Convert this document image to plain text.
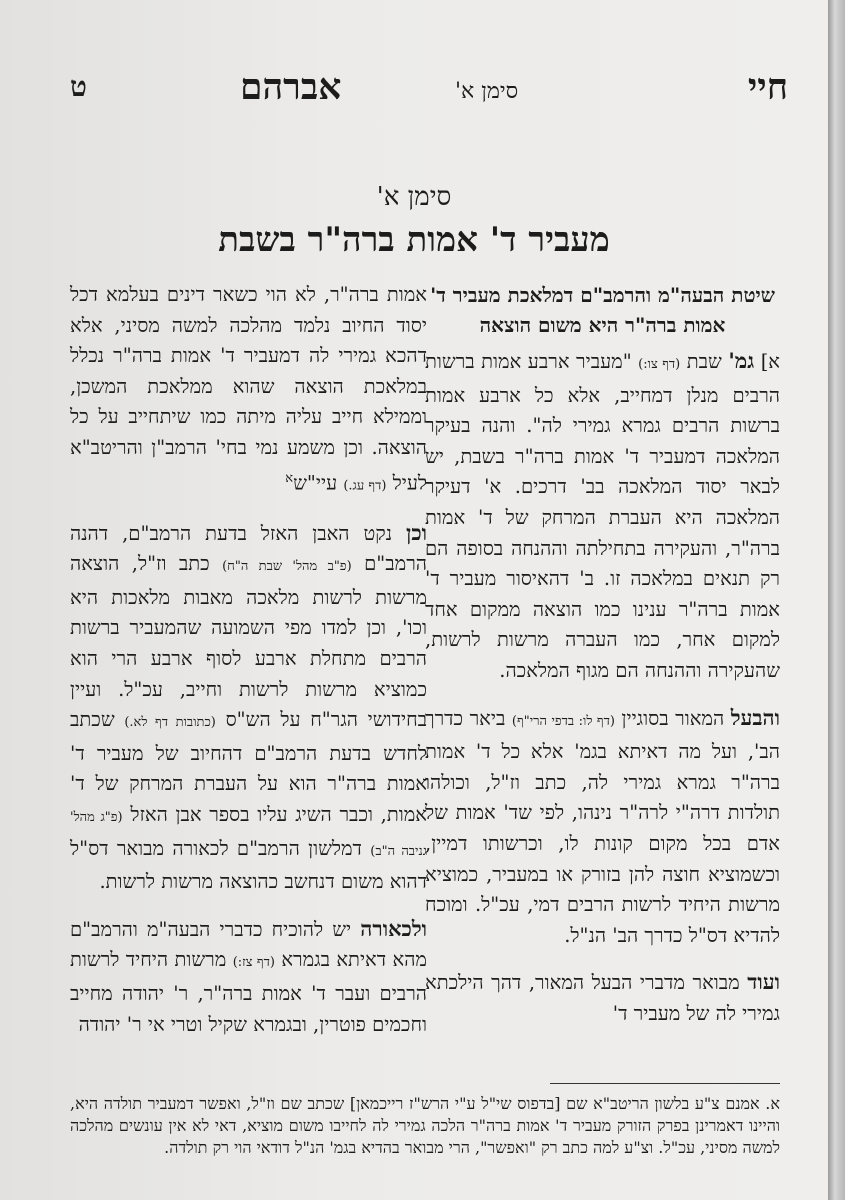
חיי
סימן א'
אברהם
ט
סימן א'
מעביר ד' אמות ברה"ר בשבת
שיטת הבעה"מ והרמב"ם דמלאכת מעביר ד' אמות ברה"ר היא משום הוצאה

א] גמ' שבת (דף צו:) "מעביר ארבע אמות ברשות הרבים מנלן דמחייב, אלא כל ארבע אמות ברשות הרבים גמרא גמירי לה". והנה בעיקר המלאכה דמעביר ד' אמות ברה"ר בשבת, יש לבאר יסוד המלאכה בב' דרכים. א' דעיקר המלאכה היא העברת המרחק של ד' אמות ברה"ר, והעקירה בתחילתה וההנחה בסופה הם רק תנאים במלאכה זו. ב' דהאיסור מעביר ד' אמות ברה"ר ענינו כמו הוצאה ממקום אחד למקום אחר, כמו העברה מרשות לרשות, שהעקירה וההנחה הם מגוף המלאכה.

והבעל המאור בסוגיין (דף לו: בדפי הרי"ף) ביאר כדרך הב', ועל מה דאיתא בגמ' אלא כל ד' אמות ברה"ר גמרא גמירי לה, כתב וז"ל, וכולהו תולדות דרה"י לרה"ר נינהו, לפי שד' אמות של אדם בכל מקום קונות לו, וכרשותו דמיין, וכשמוציא חוצה להן בזורק או במעביר, כמוציא מרשות היחיד לרשות הרבים דמי, עכ"ל. ומוכח להדיא דס"ל כדרך הב' הנ"ל.

ועוד מבואר מדברי הבעל המאור, דהך הילכתא גמירי לה של מעביר ד'

אמות ברה"ר, לא הוי כשאר דינים בעלמא דכל יסוד החיוב נלמד מהלכה למשה מסיני, אלא דהכא גמירי לה דמעביר ד' אמות ברה"ר נכלל במלאכת הוצאה שהוא ממלאכת המשכן, וממילא חייב עליה מיתה כמו שיתחייב על כל הוצאה. וכן משמע נמי בחי' הרמב"ן והריטב"א לעיל (דף עג.) עיי"ש$^א$

וכן נקט האבן האזל בדעת הרמב"ם, דהנה הרמב"ם (פ"ב מהל' שבת ה"ח) כתב וז"ל, הוצאה מרשות לרשות מלאכה מאבות מלאכות היא וכו', וכן למדו מפי השמועה שהמעביר ברשות הרבים מתחלת ארבע לסוף ארבע הרי הוא כמוציא מרשות לרשות וחייב, עכ"ל. ועיין בחידושי הגר"ח על הש"ס (כתובות דף לא.) שכתב לחדש בדעת הרמב"ם דהחיוב של מעביר ד' אמות ברה"ר הוא על העברת המרחק של ד' אמות, וכבר השיג עליו בספר אבן האזל (פ"ג מהל' גניבה ה"ב) דמלשון הרמב"ם לכאורה מבואר דס"ל דהוא משום דנחשב כהוצאה מרשות לרשות.

ולכאורה יש להוכיח כדברי הבעה"מ והרמב"ם מהא דאיתא בגמרא (דף צז:) מרשות היחיד לרשות הרבים ועבר ד' אמות ברה"ר, ר' יהודה מחייב וחכמים פוטרין, ובגמרא שקיל וטרי אי ר' יהודה

א. אמנם צ"ע בלשון הריטב"א שם [בדפוס שי"ל ע"י הרש"ז רייכמאן] שכתב שם וז"ל, ואפשר דמעביר תולדה היא, והיינו דאמרינן בפרק הזורק מעביר ד' אמות ברה"ר הלכה גמירי לה לחייבו משום מוציא, דאי לא אין עונשים מהלכה למשה מסיני, עכ"ל. וצ"ע למה כתב רק "ואפשר", הרי מבואר בהדיא בגמ' הנ"ל דודאי הוי רק תולדה.
